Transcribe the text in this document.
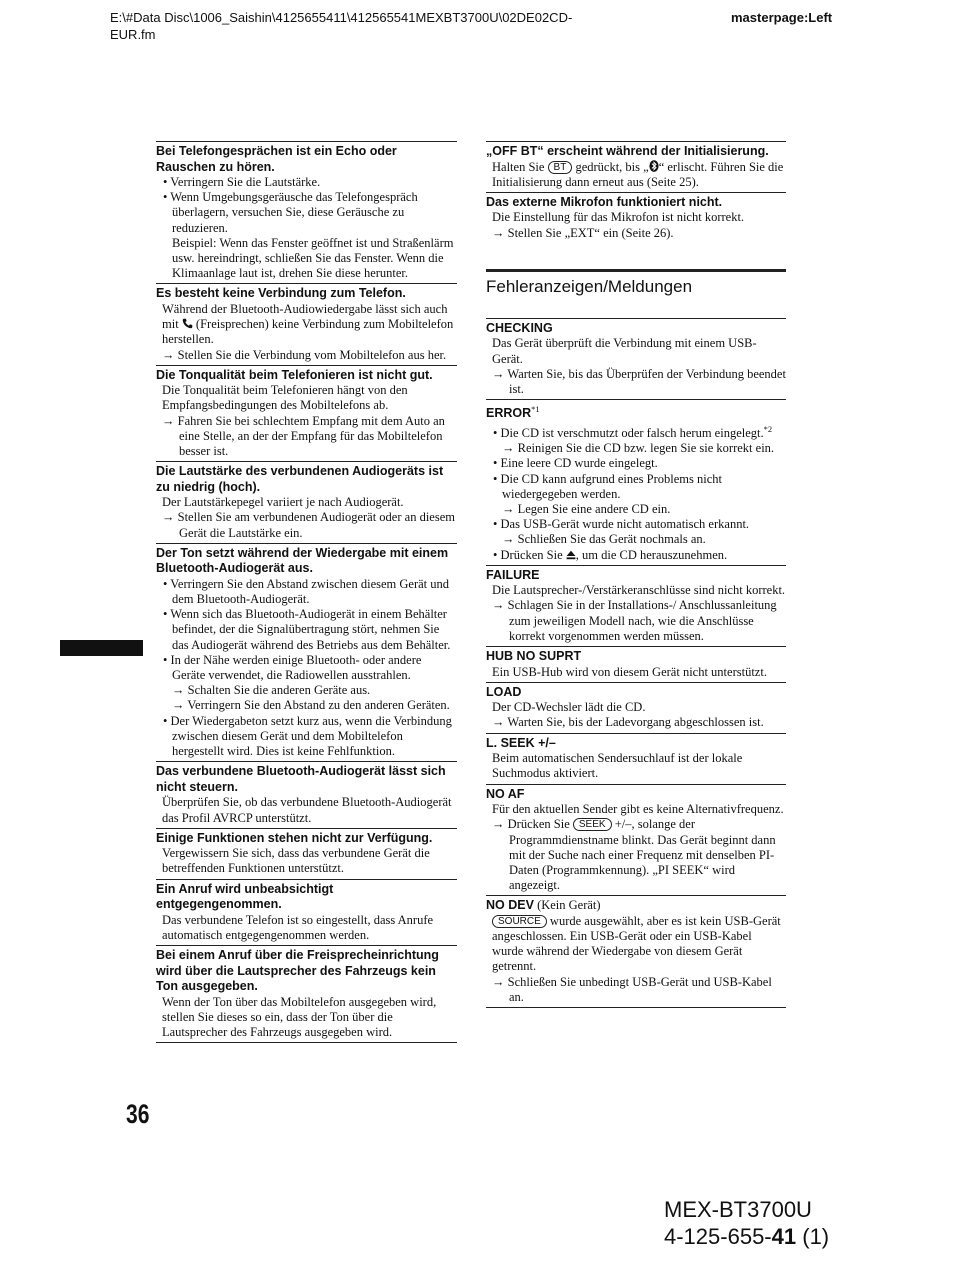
E:\#Data Disc\1006_Saishin\4125655411\412565541MEXBT3700U\02DE02CD-
EUR.fm
masterpage:Left
Bei Telefongesprächen ist ein Echo oder Rauschen zu hören.
• Verringern Sie die Lautstärke.
• Wenn Umgebungsgeräusche das Telefongespräch überlagern, versuchen Sie, diese Geräusche zu reduzieren.
Beispiel: Wenn das Fenster geöffnet ist und Straßenlärm usw. hereindringt, schließen Sie das Fenster. Wenn die Klimaanlage laut ist, drehen Sie diese herunter.
Es besteht keine Verbindung zum Telefon.
Während der Bluetooth-Audiowiedergabe lässt sich auch mit  (Freisprechen) keine Verbindung zum Mobiltelefon herstellen.
→ Stellen Sie die Verbindung vom Mobiltelefon aus her.
Die Tonqualität beim Telefonieren ist nicht gut.
Die Tonqualität beim Telefonieren hängt von den Empfangsbedingungen des Mobiltelefons ab.
→ Fahren Sie bei schlechtem Empfang mit dem Auto an eine Stelle, an der der Empfang für das Mobiltelefon besser ist.
Die Lautstärke des verbundenen Audiogeräts ist zu niedrig (hoch).
Der Lautstärkepegel variiert je nach Audiogerät.
→ Stellen Sie am verbundenen Audiogerät oder an diesem Gerät die Lautstärke ein.
Der Ton setzt während der Wiedergabe mit einem Bluetooth-Audiogerät aus.
• Verringern Sie den Abstand zwischen diesem Gerät und dem Bluetooth-Audiogerät.
• Wenn sich das Bluetooth-Audiogerät in einem Behälter befindet, der die Signalübertragung stört, nehmen Sie das Audiogerät während des Betriebs aus dem Behälter.
• In der Nähe werden einige Bluetooth- oder andere Geräte verwendet, die Radiowellen ausstrahlen.
→ Schalten Sie die anderen Geräte aus.
→ Verringern Sie den Abstand zu den anderen Geräten.
• Der Wiedergabeton setzt kurz aus, wenn die Verbindung zwischen diesem Gerät und dem Mobiltelefon hergestellt wird. Dies ist keine Fehlfunktion.
Das verbundene Bluetooth-Audiogerät lässt sich nicht steuern.
Überprüfen Sie, ob das verbundene Bluetooth-Audiogerät das Profil AVRCP unterstützt.
Einige Funktionen stehen nicht zur Verfügung.
Vergewissern Sie sich, dass das verbundene Gerät die betreffenden Funktionen unterstützt.
Ein Anruf wird unbeabsichtigt entgegengenommen.
Das verbundene Telefon ist so eingestellt, dass Anrufe automatisch entgegengenommen werden.
Bei einem Anruf über die Freisprecheinrichtung wird über die Lautsprecher des Fahrzeugs kein Ton ausgegeben.
Wenn der Ton über das Mobiltelefon ausgegeben wird, stellen Sie dieses so ein, dass der Ton über die Lautsprecher des Fahrzeugs ausgegeben wird.
„OFF BT“ erscheint während der Initialisierung.
Halten Sie BT gedrückt, bis „ “ erlischt. Führen Sie die Initialisierung dann erneut aus (Seite 25).
Das externe Mikrofon funktioniert nicht.
Die Einstellung für das Mikrofon ist nicht korrekt.
→ Stellen Sie „EXT“ ein (Seite 26).
Fehleranzeigen/Meldungen
CHECKING
Das Gerät überprüft die Verbindung mit einem USB-Gerät.
→ Warten Sie, bis das Überprüfen der Verbindung beendet ist.
ERROR$^{*1}$
• Die CD ist verschmutzt oder falsch herum eingelegt.$^{*2}$
→ Reinigen Sie die CD bzw. legen Sie sie korrekt ein.
• Eine leere CD wurde eingelegt.
• Die CD kann aufgrund eines Problems nicht wiedergegeben werden.
→ Legen Sie eine andere CD ein.
• Das USB-Gerät wurde nicht automatisch erkannt.
→ Schließen Sie das Gerät nochmals an.
• Drücken Sie , um die CD herauszunehmen.
FAILURE
Die Lautsprecher-/Verstärkeranschlüsse sind nicht korrekt.
→ Schlagen Sie in der Installations-/ Anschlussanleitung zum jeweiligen Modell nach, wie die Anschlüsse korrekt vorgenommen werden müssen.
HUB NO SUPRT
Ein USB-Hub wird von diesem Gerät nicht unterstützt.
LOAD
Der CD-Wechsler lädt die CD.
→ Warten Sie, bis der Ladevorgang abgeschlossen ist.
L. SEEK +/–
Beim automatischen Sendersuchlauf ist der lokale Suchmodus aktiviert.
NO AF
Für den aktuellen Sender gibt es keine Alternativfrequenz.
→ Drücken Sie SEEK +/–, solange der Programmdienstname blinkt. Das Gerät beginnt dann mit der Suche nach einer Frequenz mit denselben PI-Daten (Programmkennung). „PI SEEK“ wird angezeigt.
NO DEV (Kein Gerät)
SOURCE wurde ausgewählt, aber es ist kein USB-Gerät angeschlossen. Ein USB-Gerät oder ein USB-Kabel wurde während der Wiedergabe von diesem Gerät getrennt.
→ Schließen Sie unbedingt USB-Gerät und USB-Kabel an.
36
MEX-BT3700U
4-125-655-41 (1)
